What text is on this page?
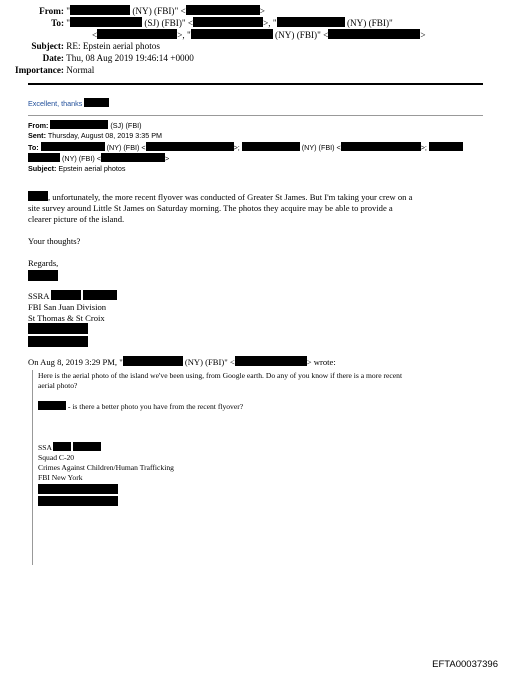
From: "	(NY) (FBI)" <	>
To: "	(SJ) (FBI)" <	>, "	(NY) (FBI)"
<	>, "	(NY) (FBI)" <	>
Subject: RE: Epstein aerial photos
Date: Thu, 08 Aug 2019 19:46:14 +0000
Importance: Normal
Excellent, thanks
From:	(SJ) (FBI)
Sent: Thursday, August 08, 2019 3:35 PM
To:	(NY) (FBI) <	>;	(NY) (FBI) <	>;
(NY) (FBI) <	>
Subject: Epstein aerial photos
, unfortunately, the more recent flyover was conducted of Greater St James. But I'm taking your crew on a
site survey around Little St James on Saturday morning. The photos they acquire may be able to provide a
clearer picture of the island.
Your thoughts?
Regards,
SSRA
FBI San Juan Division
St Thomas & St Croix
On Aug 8, 2019 3:29 PM, "	(NY) (FBI)" <	> wrote:
Here is the aerial photo of the island we've been using, from Google earth. Do any of you know if there is a more recent
aerial photo?
- is there a better photo you have from the recent flyover?
SSA
Squad C-20
Crimes Against Children/Human Trafficking
FBI New York
EFTA00037396
